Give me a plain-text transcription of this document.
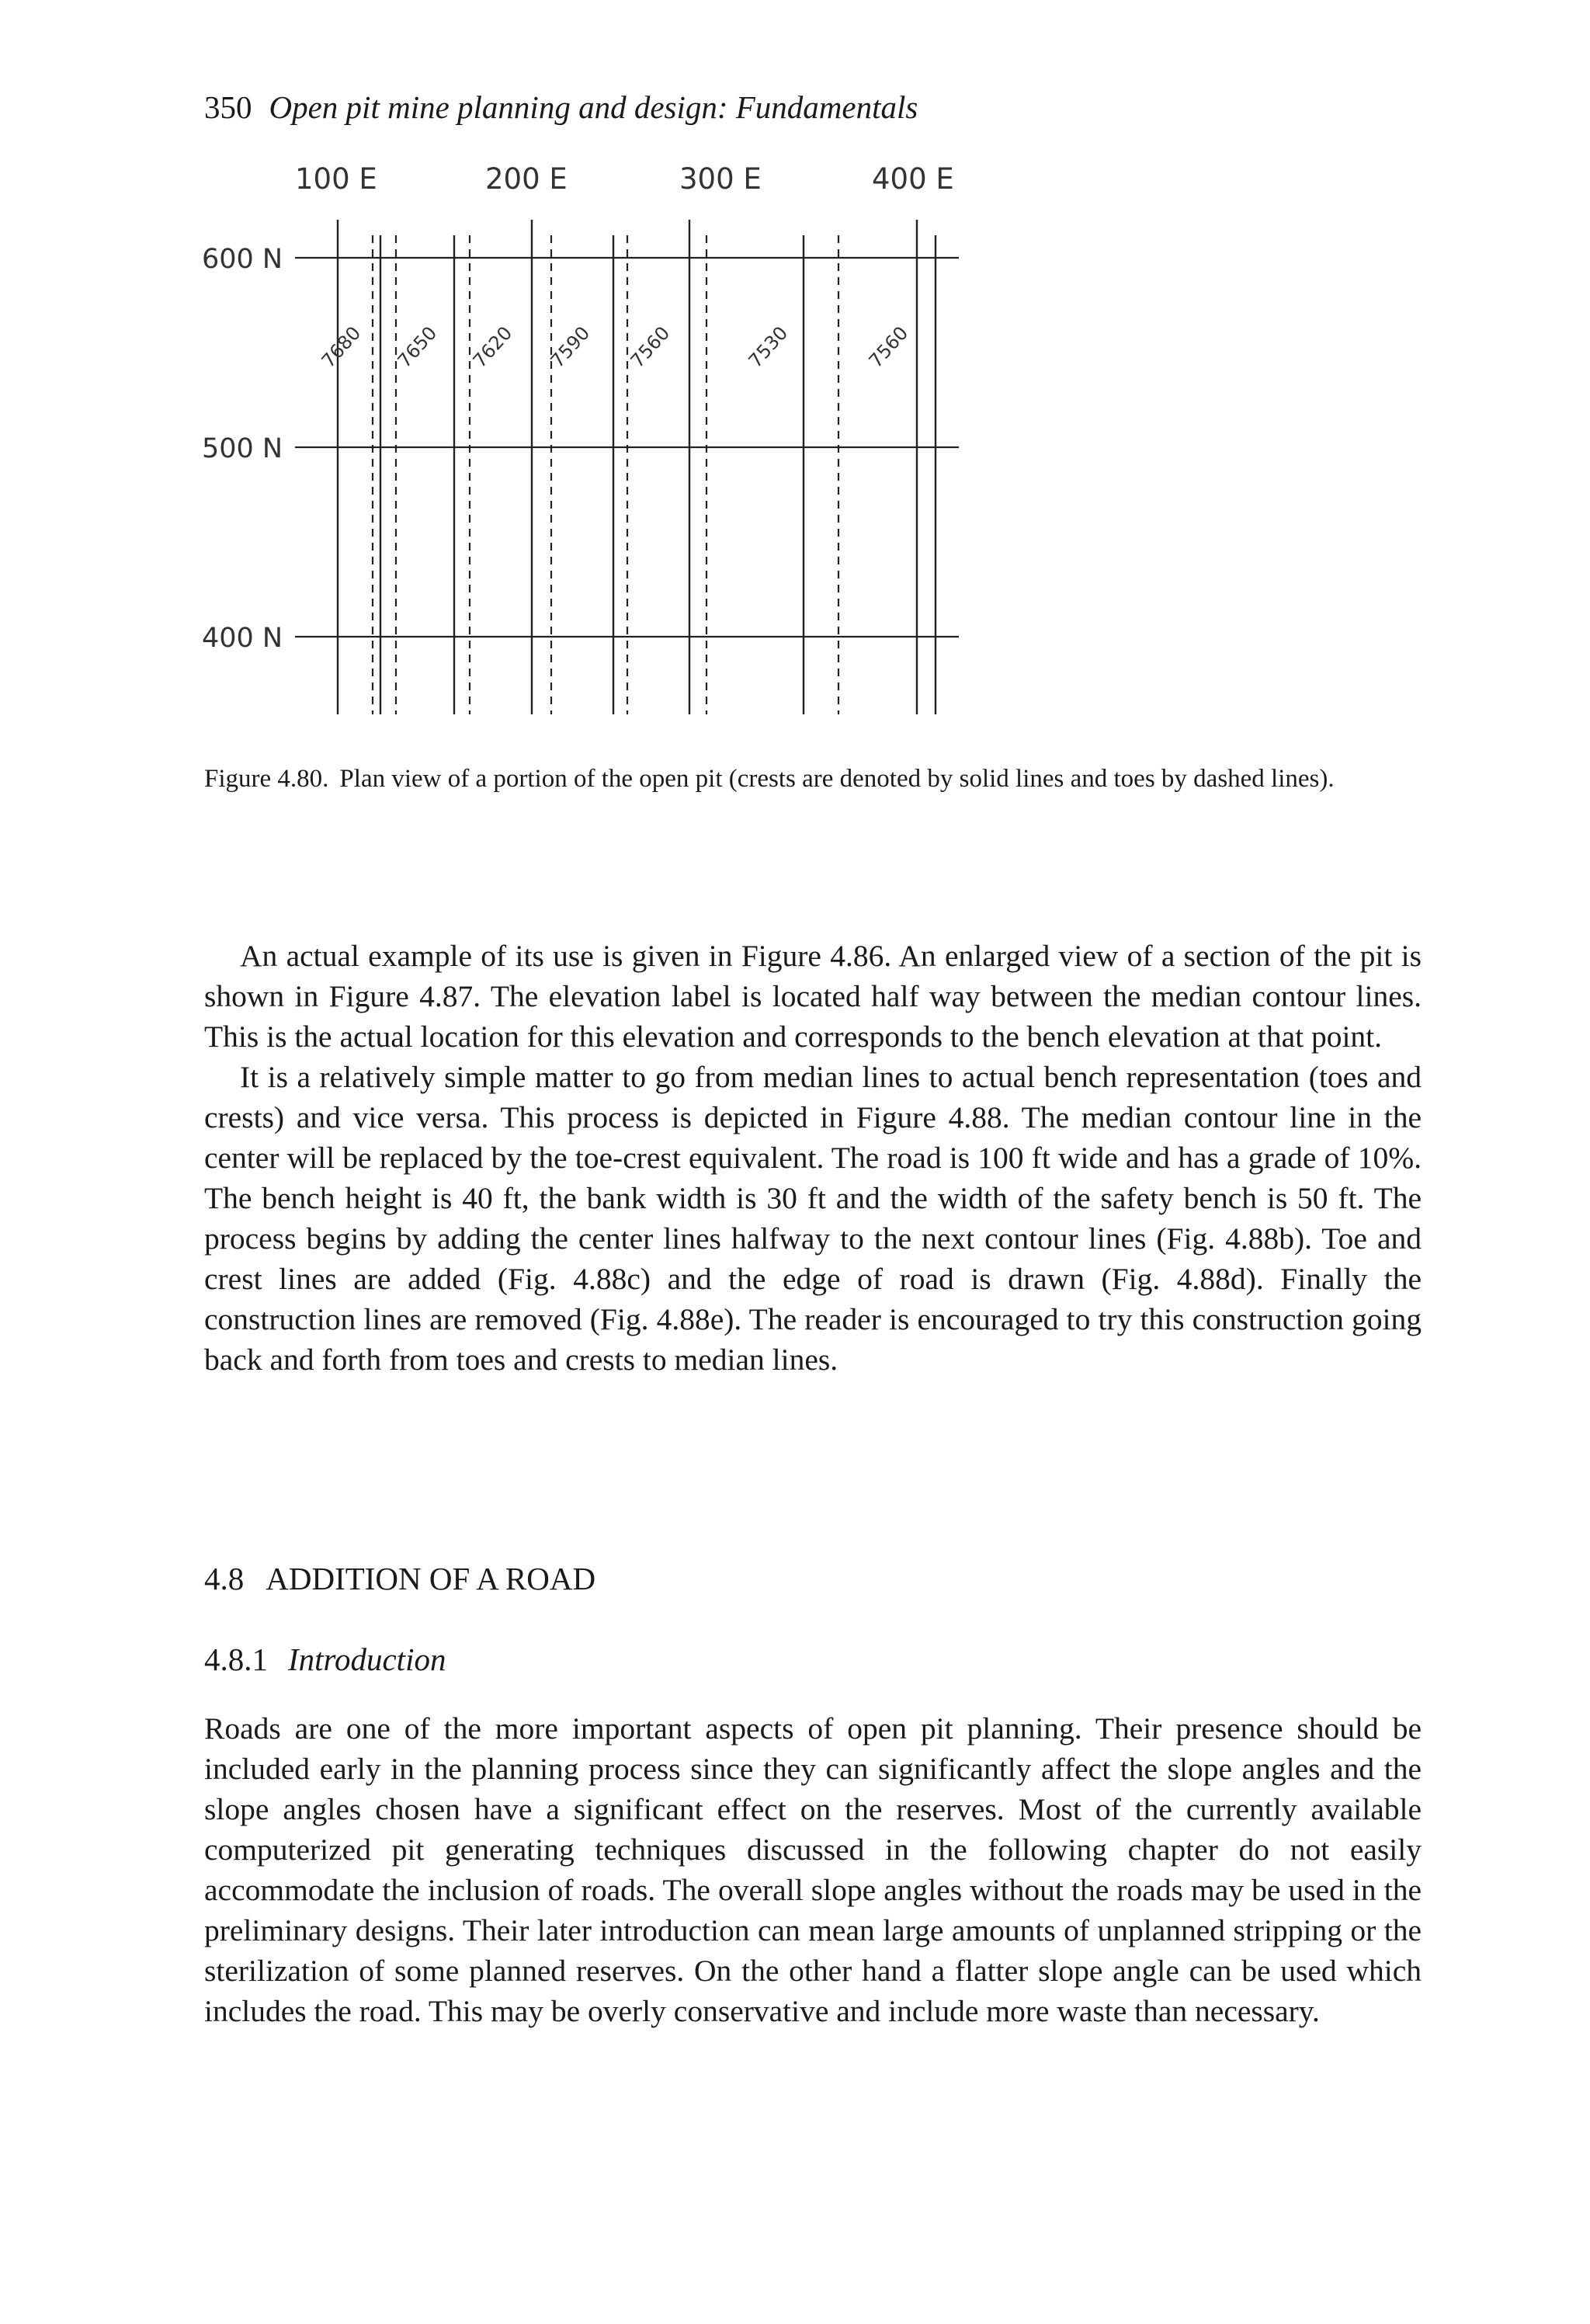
350 Open pit mine planning and design: Fundamentals
100 E	200 E	300 E	400 E
600 N
500 N
400 N
7680 7650 7620 7590 7560	7530	7560
Figure 4.80. Plan view of a portion of the open pit (crests are denoted by solid lines and toes by dashed lines).

An actual example of its use is given in Figure 4.86. An enlarged view of a section of the pit is shown in Figure 4.87. The elevation label is located half way between the median contour lines. This is the actual location for this elevation and corresponds to the bench elevation at that point.

It is a relatively simple matter to go from median lines to actual bench representation (toes and crests) and vice versa. This process is depicted in Figure 4.88. The median contour line in the center will be replaced by the toe-crest equivalent. The road is 100 ft wide and has a grade of 10%. The bench height is 40 ft, the bank width is 30 ft and the width of the safety bench is 50 ft. The process begins by adding the center lines halfway to the next contour lines (Fig. 4.88b). Toe and crest lines are added (Fig. 4.88c) and the edge of road is drawn (Fig. 4.88d). Finally the construction lines are removed (Fig. 4.88e). The reader is encouraged to try this construction going back and forth from toes and crests to median lines.

4.8 ADDITION OF A ROAD
4.8.1 Introduction

Roads are one of the more important aspects of open pit planning. Their presence should be included early in the planning process since they can significantly affect the slope angles and the slope angles chosen have a significant effect on the reserves. Most of the currently available computerized pit generating techniques discussed in the following chapter do not easily accommodate the inclusion of roads. The overall slope angles without the roads may be used in the preliminary designs. Their later introduction can mean large amounts of unplanned stripping or the sterilization of some planned reserves. On the other hand a flatter slope angle can be used which includes the road. This may be overly conservative and include more waste than necessary.
